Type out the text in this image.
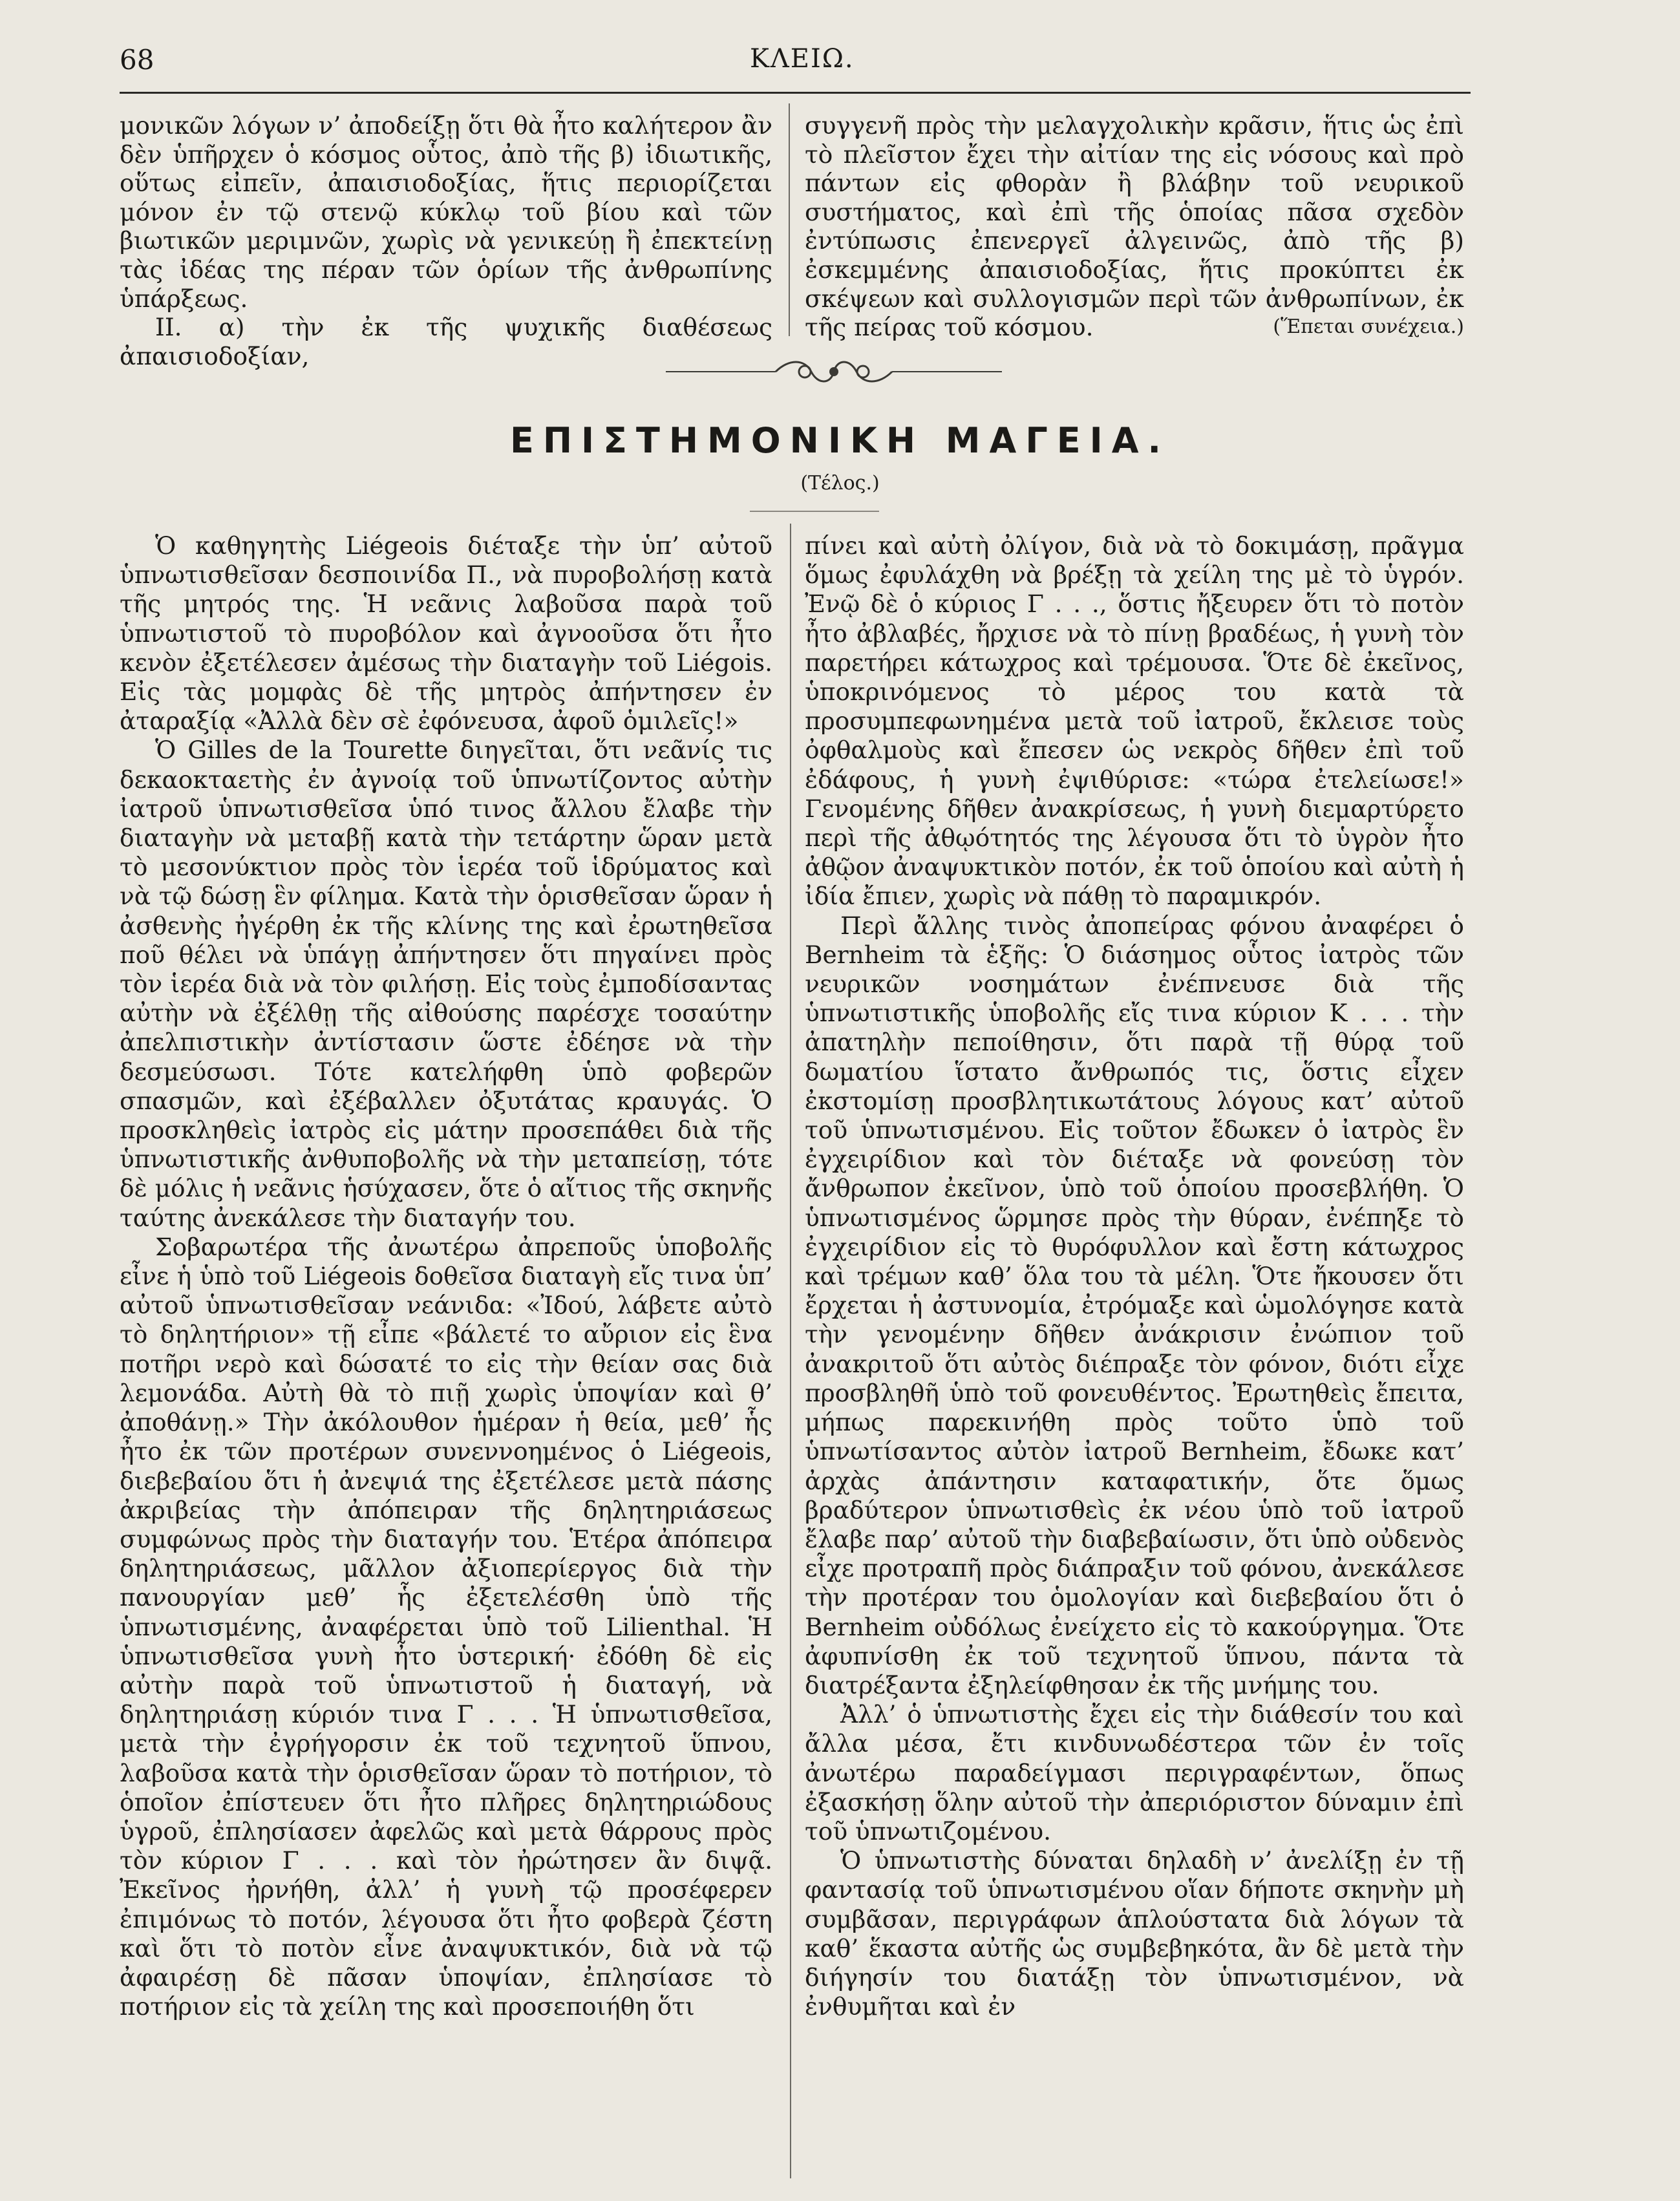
68	ΚΛΕΙΩ.

μονικῶν λόγων ν’ ἀποδείξῃ ὅτι θὰ ἦτο καλήτερον ἂν δὲν ὑπῆρχεν ὁ κόσμος οὗτος, ἀπὸ τῆς β) ἰδιωτικῆς, οὕτως εἰπεῖν, ἀπαισιοδοξίας, ἥτις περιορίζεται μόνον ἐν τῷ στενῷ κύκλῳ τοῦ βίου καὶ τῶν βιωτικῶν μεριμνῶν, χωρὶς νὰ γενικεύῃ ἢ ἐπεκτείνῃ τὰς ἰδέας της πέραν τῶν ὁρίων τῆς ἀνθρωπίνης ὑπάρξεως.

ΙΙ. α) τὴν ἐκ τῆς ψυχικῆς διαθέσεως ἀπαισιοδοξίαν,

συγγενῆ πρὸς τὴν μελαγχολικὴν κρᾶσιν, ἥτις ὡς ἐπὶ τὸ πλεῖστον ἔχει τὴν αἰτίαν της εἰς νόσους καὶ πρὸ πάντων εἰς φθορὰν ἢ βλάβην τοῦ νευρικοῦ συστήματος, καὶ ἐπὶ τῆς ὁποίας πᾶσα σχεδὸν ἐντύπωσις ἐπενεργεῖ ἀλγεινῶς, ἀπὸ τῆς β) ἐσκεμμένης ἀπαισιοδοξίας, ἥτις προκύπτει ἐκ σκέψεων καὶ συλλογισμῶν περὶ τῶν ἀνθρωπίνων, ἐκ τῆς πείρας τοῦ κόσμου.	(Ἕπεται συνέχεια.)

ΕΠΙΣΤΗΜΟΝΙΚΗ ΜΑΓΕΙΑ.
(Τέλος.)

Ὁ καθηγητὴς Liégeois διέταξε τὴν ὑπ’ αὐτοῦ ὑπνωτισθεῖσαν δεσποινίδα Π., νὰ πυροβολήσῃ κατὰ τῆς μητρός της. Ἡ νεᾶνις λαβοῦσα παρὰ τοῦ ὑπνωτιστοῦ τὸ πυροβόλον καὶ ἀγνοοῦσα ὅτι ἦτο κενὸν ἐξετέλεσεν ἀμέσως τὴν διαταγὴν τοῦ Liégois. Εἰς τὰς μομφὰς δὲ τῆς μητρὸς ἀπήντησεν ἐν ἀταραξίᾳ «Ἀλλὰ δὲν σὲ ἐφόνευσα, ἀφοῦ ὁμιλεῖς!»

Ὁ Gilles de la Tourette διηγεῖται, ὅτι νεᾶνίς τις δεκαοκταετὴς ἐν ἀγνοίᾳ τοῦ ὑπνωτίζοντος αὐτὴν ἰατροῦ ὑπνωτισθεῖσα ὑπό τινος ἄλλου ἔλαβε τὴν διαταγὴν νὰ μεταβῇ κατὰ τὴν τετάρτην ὥραν μετὰ τὸ μεσονύκτιον πρὸς τὸν ἱερέα τοῦ ἱδρύματος καὶ νὰ τῷ δώσῃ ἓν φίλημα. Κατὰ τὴν ὁρισθεῖσαν ὥραν ἡ ἀσθενὴς ἠγέρθη ἐκ τῆς κλίνης της καὶ ἐρωτηθεῖσα ποῦ θέλει νὰ ὑπάγῃ ἀπήντησεν ὅτι πηγαίνει πρὸς τὸν ἱερέα διὰ νὰ τὸν φιλήσῃ. Εἰς τοὺς ἐμποδίσαντας αὐτὴν νὰ ἐξέλθῃ τῆς αἰθούσης παρέσχε τοσαύτην ἀπελπιστικὴν ἀντίστασιν ὥστε ἐδέησε νὰ τὴν δεσμεύσωσι. Τότε κατελήφθη ὑπὸ φοβερῶν σπασμῶν, καὶ ἐξέβαλλεν ὀξυτάτας κραυγάς. Ὁ προσκληθεὶς ἰατρὸς εἰς μάτην προσεπάθει διὰ τῆς ὑπνωτιστικῆς ἀνθυποβολῆς νὰ τὴν μεταπείσῃ, τότε δὲ μόλις ἡ νεᾶνις ἡσύχασεν, ὅτε ὁ αἴτιος τῆς σκηνῆς ταύτης ἀνεκάλεσε τὴν διαταγήν του.

Σοβαρωτέρα τῆς ἀνωτέρω ἀπρεποῦς ὑποβολῆς εἶνε ἡ ὑπὸ τοῦ Liégeois δοθεῖσα διαταγὴ εἴς τινα ὑπ’ αὐτοῦ ὑπνωτισθεῖσαν νεάνιδα: «Ἰδού, λάβετε αὐτὸ τὸ δηλητήριον» τῇ εἶπε «βάλετέ το αὔριον εἰς ἓνα ποτῆρι νερὸ καὶ δώσατέ το εἰς τὴν θείαν σας διὰ λεμονάδα. Αὐτὴ θὰ τὸ πιῇ χωρὶς ὑποψίαν καὶ θ’ ἀποθάνῃ.» Τὴν ἀκόλουθον ἡμέραν ἡ θεία, μεθ’ ἧς ἦτο ἐκ τῶν προτέρων συνεννοημένος ὁ Liégeois, διεβεβαίου ὅτι ἡ ἀνεψιά της ἐξετέλεσε μετὰ πάσης ἀκριβείας τὴν ἀπόπειραν τῆς δηλητηριάσεως συμφώνως πρὸς τὴν διαταγήν του. Ἑτέρα ἀπόπειρα δηλητηριάσεως, μᾶλλον ἀξιοπερίεργος διὰ τὴν πανουργίαν μεθ’ ἧς ἐξετελέσθη ὑπὸ τῆς ὑπνωτισμένης, ἀναφέρεται ὑπὸ τοῦ Lilienthal. Ἡ ὑπνωτισθεῖσα γυνὴ ἦτο ὑστερική· ἐδόθη δὲ εἰς αὐτὴν παρὰ τοῦ ὑπνωτιστοῦ ἡ διαταγή, νὰ δηλητηριάσῃ κύριόν τινα Γ . . . Ἡ ὑπνωτισθεῖσα, μετὰ τὴν ἐγρήγορσιν ἐκ τοῦ τεχνητοῦ ὕπνου, λαβοῦσα κατὰ τὴν ὁρισθεῖσαν ὥραν τὸ ποτήριον, τὸ ὁποῖον ἐπίστευεν ὅτι ἦτο πλῆρες δηλητηριώδους ὑγροῦ, ἐπλησίασεν ἀφελῶς καὶ μετὰ θάρρους πρὸς τὸν κύριον Γ . . . καὶ τὸν ἠρώτησεν ἂν διψᾷ. Ἐκεῖνος ἠρνήθη, ἀλλ’ ἡ γυνὴ τῷ προσέφερεν ἐπιμόνως τὸ ποτόν, λέγουσα ὅτι ἦτο φοβερὰ ζέστη καὶ ὅτι τὸ ποτὸν εἶνε ἀναψυκτικόν, διὰ νὰ τῷ ἀφαιρέσῃ δὲ πᾶσαν ὑποψίαν, ἐπλησίασε τὸ ποτήριον εἰς τὰ χείλη της καὶ προσεποιήθη ὅτι

πίνει καὶ αὐτὴ ὀλίγον, διὰ νὰ τὸ δοκιμάσῃ, πρᾶγμα ὅμως ἐφυλάχθη νὰ βρέξῃ τὰ χείλη της μὲ τὸ ὑγρόν. Ἐνῷ δὲ ὁ κύριος Γ . . ., ὅστις ἤξευρεν ὅτι τὸ ποτὸν ἦτο ἀβλαβές, ἤρχισε νὰ τὸ πίνῃ βραδέως, ἡ γυνὴ τὸν παρετήρει κάτωχρος καὶ τρέμουσα. Ὅτε δὲ ἐκεῖνος, ὑποκρινόμενος τὸ μέρος του κατὰ τὰ προσυμπεφωνημένα μετὰ τοῦ ἰατροῦ, ἔκλεισε τοὺς ὀφθαλμοὺς καὶ ἔπεσεν ὡς νεκρὸς δῆθεν ἐπὶ τοῦ ἐδάφους, ἡ γυνὴ ἐψιθύρισε: «τώρα ἐτελείωσε!» Γενομένης δῆθεν ἀνακρίσεως, ἡ γυνὴ διεμαρτύρετο περὶ τῆς ἀθῳότητός της λέγουσα ὅτι τὸ ὑγρὸν ἦτο ἀθῷον ἀναψυκτικὸν ποτόν, ἐκ τοῦ ὁποίου καὶ αὐτὴ ἡ ἰδία ἔπιεν, χωρὶς νὰ πάθῃ τὸ παραμικρόν.

Περὶ ἄλλης τινὸς ἀποπείρας φόνου ἀναφέρει ὁ Bernheim τὰ ἑξῆς: Ὁ διάσημος οὗτος ἰατρὸς τῶν νευρικῶν νοσημάτων ἐνέπνευσε διὰ τῆς ὑπνωτιστικῆς ὑποβολῆς εἴς τινα κύριον Κ . . . τὴν ἀπατηλὴν πεποίθησιν, ὅτι παρὰ τῇ θύρᾳ τοῦ δωματίου ἵστατο ἄνθρωπός τις, ὅστις εἶχεν ἐκστομίσῃ προσβλητικωτάτους λόγους κατ’ αὐτοῦ τοῦ ὑπνωτισμένου. Εἰς τοῦτον ἔδωκεν ὁ ἰατρὸς ἓν ἐγχειρίδιον καὶ τὸν διέταξε νὰ φονεύσῃ τὸν ἄνθρωπον ἐκεῖνον, ὑπὸ τοῦ ὁποίου προσεβλήθη. Ὁ ὑπνωτισμένος ὥρμησε πρὸς τὴν θύραν, ἐνέπηξε τὸ ἐγχειρίδιον εἰς τὸ θυρόφυλλον καὶ ἔστη κάτωχρος καὶ τρέμων καθ’ ὅλα του τὰ μέλη. Ὅτε ἤκουσεν ὅτι ἔρχεται ἡ ἀστυνομία, ἐτρόμαξε καὶ ὡμολόγησε κατὰ τὴν γενομένην δῆθεν ἀνάκρισιν ἐνώπιον τοῦ ἀνακριτοῦ ὅτι αὐτὸς διέπραξε τὸν φόνον, διότι εἶχε προσβληθῆ ὑπὸ τοῦ φονευθέντος. Ἐρωτηθεὶς ἔπειτα, μήπως παρεκινήθη πρὸς τοῦτο ὑπὸ τοῦ ὑπνωτίσαντος αὐτὸν ἰατροῦ Bernheim, ἔδωκε κατ’ ἀρχὰς ἀπάντησιν καταφατικήν, ὅτε ὅμως βραδύτερον ὑπνωτισθεὶς ἐκ νέου ὑπὸ τοῦ ἰατροῦ ἔλαβε παρ’ αὐτοῦ τὴν διαβεβαίωσιν, ὅτι ὑπὸ οὐδενὸς εἶχε προτραπῆ πρὸς διάπραξιν τοῦ φόνου, ἀνεκάλεσε τὴν προτέραν του ὁμολογίαν καὶ διεβεβαίου ὅτι ὁ Bernheim οὐδόλως ἐνείχετο εἰς τὸ κακούργημα. Ὅτε ἀφυπνίσθη ἐκ τοῦ τεχνητοῦ ὕπνου, πάντα τὰ διατρέξαντα ἐξηλείφθησαν ἐκ τῆς μνήμης του.

Ἀλλ’ ὁ ὑπνωτιστὴς ἔχει εἰς τὴν διάθεσίν του καὶ ἄλλα μέσα, ἔτι κινδυνωδέστερα τῶν ἐν τοῖς ἀνωτέρω παραδείγμασι περιγραφέντων, ὅπως ἐξασκήσῃ ὅλην αὐτοῦ τὴν ἀπεριόριστον δύναμιν ἐπὶ τοῦ ὑπνωτιζομένου.

Ὁ ὑπνωτιστὴς δύναται δηλαδὴ ν’ ἀνελίξῃ ἐν τῇ φαντασίᾳ τοῦ ὑπνωτισμένου οἵαν δήποτε σκηνὴν μὴ συμβᾶσαν, περιγράφων ἁπλούστατα διὰ λόγων τὰ καθ’ ἕκαστα αὐτῆς ὡς συμβεβηκότα, ἂν δὲ μετὰ τὴν διήγησίν του διατάξῃ τὸν ὑπνωτισμένον, νὰ ἐνθυμῆται καὶ ἐν
